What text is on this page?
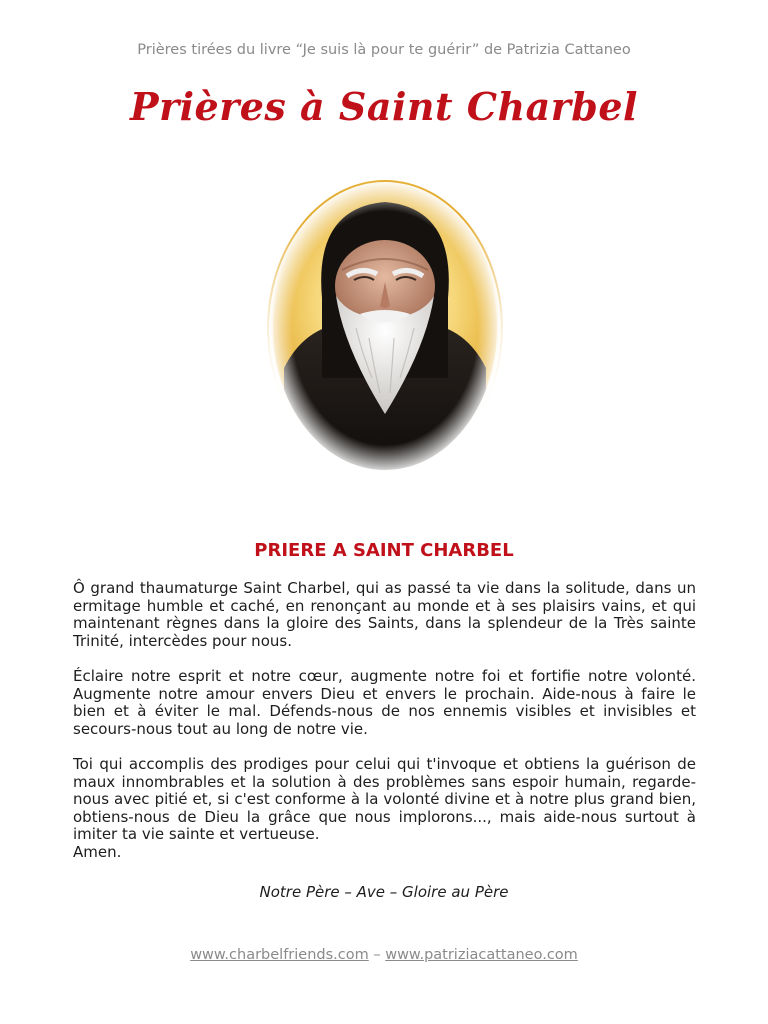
Prières tirées du livre “Je suis là pour te guérir” de Patrizia Cattaneo
Prières à Saint Charbel
PRIERE A SAINT CHARBEL

Ô grand thaumaturge Saint Charbel, qui as passé ta vie dans la solitude, dans un ermitage humble et caché, en renonçant au monde et à ses plaisirs vains, et qui maintenant règnes dans la gloire des Saints, dans la splendeur de la Très sainte Trinité, intercèdes pour nous.

Éclaire notre esprit et notre cœur, augmente notre foi et fortifie notre volonté. Augmente notre amour envers Dieu et envers le prochain. Aide-nous à faire le bien et à éviter le mal. Défends-nous de nos ennemis visibles et invisibles et secours-nous tout au long de notre vie.

Toi qui accomplis des prodiges pour celui qui t'invoque et obtiens la guérison de maux innombrables et la solution à des problèmes sans espoir humain, regarde-nous avec pitié et, si c'est conforme à la volonté divine et à notre plus grand bien, obtiens-nous de Dieu la grâce que nous implorons..., mais aide-nous surtout à imiter ta vie sainte et vertueuse.

Amen.
Notre Père – Ave – Gloire au Père
www.charbelfriends.com – www.patriziacattaneo.com
